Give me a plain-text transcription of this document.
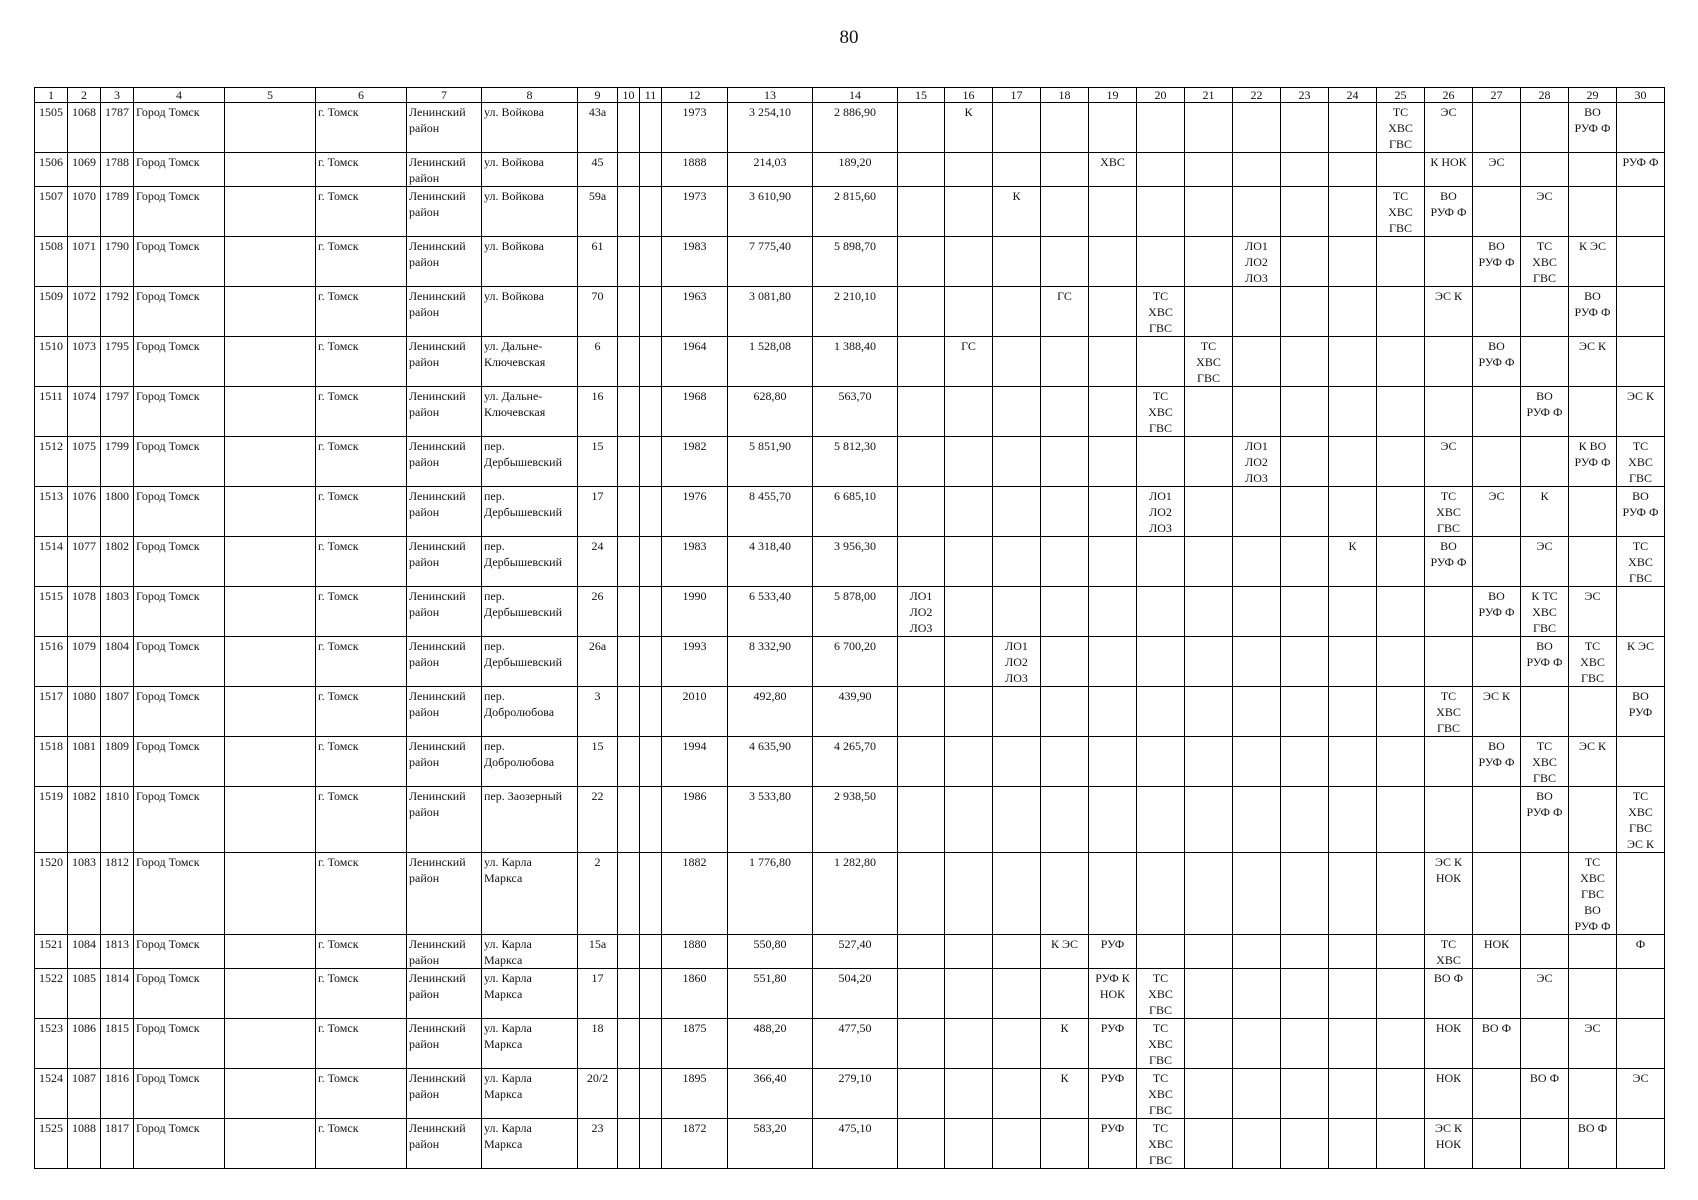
80
1	2	3	4	5	6	7	8	9	10	11	12	13	14	15	16	17	18	19	20	21	22	23	24	25	26	27	28	29	30
1505	1068	1787	Город Томск		г. Томск	Ленинский
район	ул. Войкова	43а			1973	3 254,10	2 886,90		К									ТС
ХВС
ГВС	ЭС			ВО
РУФ Ф	
1506	1069	1788	Город Томск		г. Томск	Ленинский
район	ул. Войкова	45			1888	214,03	189,20					ХВС							К НОК	ЭС			РУФ Ф
1507	1070	1789	Город Томск		г. Томск	Ленинский
район	ул. Войкова	59а			1973	3 610,90	2 815,60			К								ТС
ХВС
ГВС	ВО
РУФ Ф		ЭС		
1508	1071	1790	Город Томск		г. Томск	Ленинский
район	ул. Войкова	61			1983	7 775,40	5 898,70								ЛО1
ЛО2
ЛО3					ВО
РУФ Ф	ТС
ХВС
ГВС	К ЭС	
1509	1072	1792	Город Томск		г. Томск	Ленинский
район	ул. Войкова	70			1963	3 081,80	2 210,10				ГС		ТС
ХВС
ГВС						ЭС К			ВО
РУФ Ф	
1510	1073	1795	Город Томск		г. Томск	Ленинский
район	ул. Дальне-
Ключевская	6			1964	1 528,08	1 388,40		ГС					ТС
ХВС
ГВС						ВО
РУФ Ф		ЭС К	
1511	1074	1797	Город Томск		г. Томск	Ленинский
район	ул. Дальне-
Ключевская	16			1968	628,80	563,70						ТС
ХВС
ГВС								ВО
РУФ Ф		ЭС К
1512	1075	1799	Город Томск		г. Томск	Ленинский
район	пер.
Дербышевский	15			1982	5 851,90	5 812,30								ЛО1
ЛО2
ЛО3				ЭС			К ВО
РУФ Ф	ТС
ХВС
ГВС
1513	1076	1800	Город Томск		г. Томск	Ленинский
район	пер.
Дербышевский	17			1976	8 455,70	6 685,10						ЛО1
ЛО2
ЛО3						ТС
ХВС
ГВС	ЭС	К		ВО
РУФ Ф
1514	1077	1802	Город Томск		г. Томск	Ленинский
район	пер.
Дербышевский	24			1983	4 318,40	3 956,30										К		ВО
РУФ Ф		ЭС		ТС
ХВС
ГВС
1515	1078	1803	Город Томск		г. Томск	Ленинский
район	пер.
Дербышевский	26			1990	6 533,40	5 878,00	ЛО1
ЛО2
ЛО3												ВО
РУФ Ф	К ТС
ХВС
ГВС	ЭС	
1516	1079	1804	Город Томск		г. Томск	Ленинский
район	пер.
Дербышевский	26а			1993	8 332,90	6 700,20			ЛО1
ЛО2
ЛО3											ВО
РУФ Ф	ТС
ХВС
ГВС	К ЭС
1517	1080	1807	Город Томск		г. Томск	Ленинский
район	пер.
Добролюбова	3			2010	492,80	439,90												ТС
ХВС
ГВС	ЭС К			ВО
РУФ
1518	1081	1809	Город Томск		г. Томск	Ленинский
район	пер.
Добролюбова	15			1994	4 635,90	4 265,70													ВО
РУФ Ф	ТС
ХВС
ГВС	ЭС К	
1519	1082	1810	Город Томск		г. Томск	Ленинский
район	пер. Заозерный	22			1986	3 533,80	2 938,50														ВО
РУФ Ф		ТС
ХВС
ГВС
ЭС К
1520	1083	1812	Город Томск		г. Томск	Ленинский
район	ул. Карла
Маркса	2			1882	1 776,80	1 282,80												ЭС К
НОК			ТС
ХВС
ГВС
ВО
РУФ Ф	
1521	1084	1813	Город Томск		г. Томск	Ленинский
район	ул. Карла
Маркса	15а			1880	550,80	527,40				К ЭС	РУФ							ТС
ХВС	НОК			Ф
1522	1085	1814	Город Томск		г. Томск	Ленинский
район	ул. Карла
Маркса	17			1860	551,80	504,20					РУФ К
НОК	ТС
ХВС
ГВС						ВО Ф		ЭС		
1523	1086	1815	Город Томск		г. Томск	Ленинский
район	ул. Карла
Маркса	18			1875	488,20	477,50				К	РУФ	ТС
ХВС
ГВС						НОК	ВО Ф		ЭС	
1524	1087	1816	Город Томск		г. Томск	Ленинский
район	ул. Карла
Маркса	20/2			1895	366,40	279,10				К	РУФ	ТС
ХВС
ГВС						НОК		ВО Ф		ЭС
1525	1088	1817	Город Томск		г. Томск	Ленинский
район	ул. Карла
Маркса	23			1872	583,20	475,10					РУФ	ТС
ХВС
ГВС						ЭС К
НОК			ВО Ф	
